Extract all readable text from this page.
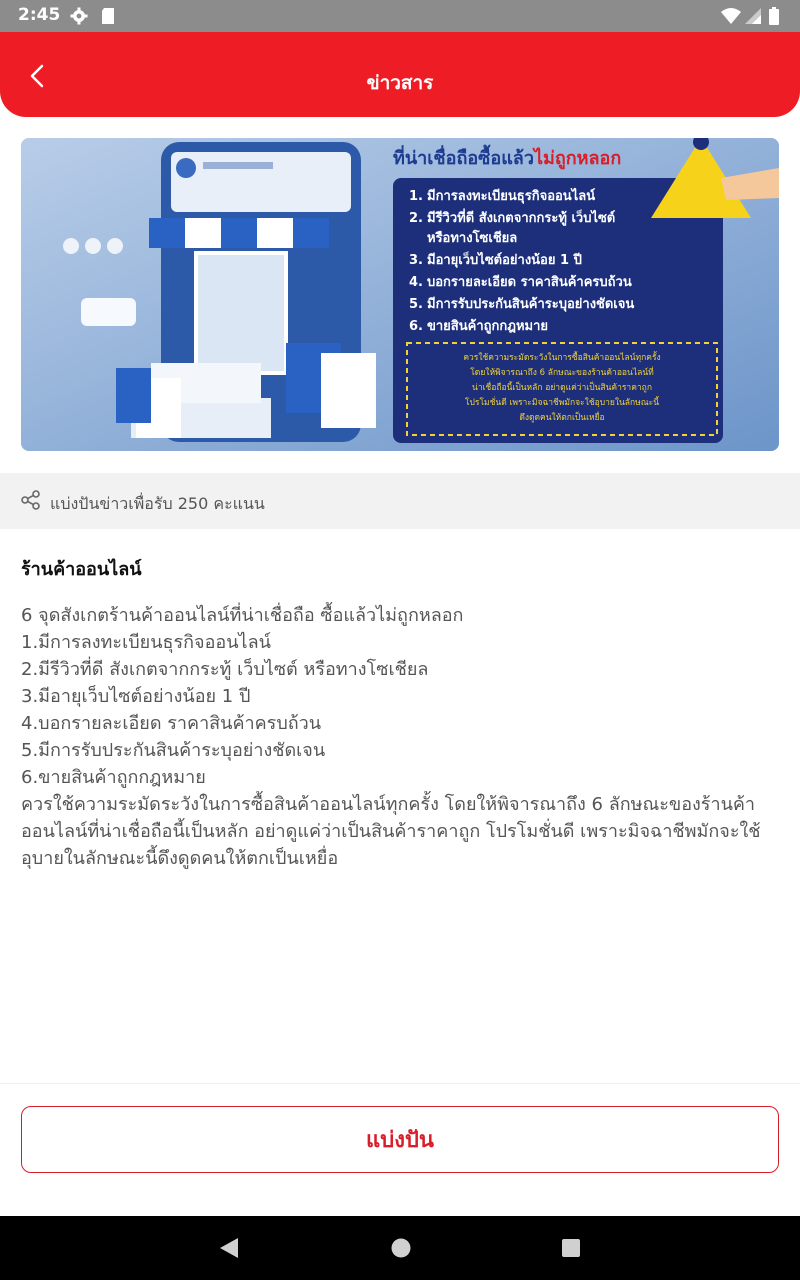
2:45
ข่าวสาร
ที่น่าเชื่อถือซื้อแล้วไม่ถูกหลอก
1. มีการลงทะเบียนธุรกิจออนไลน์
2. มีรีวิวที่ดี สังเกตจากกระทู้ เว็บไซต์
หรือทางโซเชียล
3. มีอายุเว็บไซต์อย่างน้อย 1 ปี
4. บอกรายละเอียด ราคาสินค้าครบถ้วน
5. มีการรับประกันสินค้าระบุอย่างชัดเจน
6. ขายสินค้าถูกกฎหมาย
ควรใช้ความระมัดระวังในการซื้อสินค้าออนไลน์ทุกครั้ง
โดยให้พิจารณาถึง 6 ลักษณะของร้านค้าออนไลน์ที่
น่าเชื่อถือนี้เป็นหลัก อย่าดูแค่ว่าเป็นสินค้าราคาถูก
โปรโมชั่นดี เพราะมิจฉาชีพมักจะใช้อุบายในลักษณะนี้
ดึงดูดคนให้ตกเป็นเหยื่อ
แบ่งปันข่าวเพื่อรับ 250 คะแนน
ร้านค้าออนไลน์
6 จุดสังเกตร้านค้าออนไลน์ที่น่าเชื่อถือ ซื้อแล้วไม่ถูกหลอก
1.มีการลงทะเบียนธุรกิจออนไลน์
2.มีรีวิวที่ดี สังเกตจากกระทู้ เว็บไซต์ หรือทางโซเชียล
3.มีอายุเว็บไซต์อย่างน้อย 1 ปี
4.บอกรายละเอียด ราคาสินค้าครบถ้วน
5.มีการรับประกันสินค้าระบุอย่างชัดเจน
6.ขายสินค้าถูกกฎหมาย
ควรใช้ความระมัดระวังในการซื้อสินค้าออนไลน์ทุกครั้ง โดยให้พิจารณาถึง 6 ลักษณะของร้านค้า
ออนไลน์ที่น่าเชื่อถือนี้เป็นหลัก อย่าดูแค่ว่าเป็นสินค้าราคาถูก โปรโมชั่นดี เพราะมิจฉาชีพมักจะใช้
อุบายในลักษณะนี้ดึงดูดคนให้ตกเป็นเหยื่อ
แบ่งปัน
